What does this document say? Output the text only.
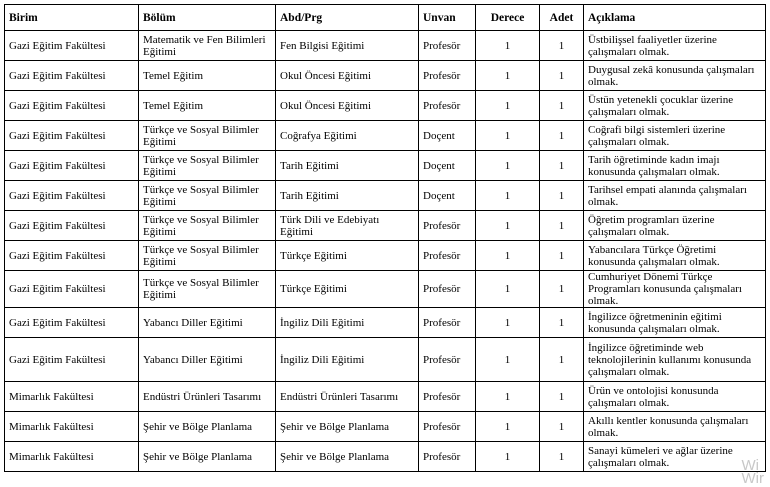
Birim	Bölüm	Abd/Prg	Unvan	Derece	Adet	Açıklama
Gazi Eğitim Fakültesi	Matematik ve Fen Bilimleri Eğitimi	Fen Bilgisi Eğitimi	Profesör	1	1	Üstbilişsel faaliyetler üzerine çalışmaları olmak.
Gazi Eğitim Fakültesi	Temel Eğitim	Okul Öncesi Eğitimi	Profesör	1	1	Duygusal zekâ konusunda çalışmaları olmak.
Gazi Eğitim Fakültesi	Temel Eğitim	Okul Öncesi Eğitimi	Profesör	1	1	Üstün yetenekli çocuklar üzerine çalışmaları olmak.
Gazi Eğitim Fakültesi	Türkçe ve Sosyal Bilimler Eğitimi	Coğrafya Eğitimi	Doçent	1	1	Coğrafi bilgi sistemleri üzerine çalışmaları olmak.
Gazi Eğitim Fakültesi	Türkçe ve Sosyal Bilimler Eğitimi	Tarih Eğitimi	Doçent	1	1	Tarih öğretiminde kadın imajı konusunda çalışmaları olmak.
Gazi Eğitim Fakültesi	Türkçe ve Sosyal Bilimler Eğitimi	Tarih Eğitimi	Doçent	1	1	Tarihsel empati alanında çalışmaları olmak.
Gazi Eğitim Fakültesi	Türkçe ve Sosyal Bilimler Eğitimi	Türk Dili ve Edebiyatı Eğitimi	Profesör	1	1	Öğretim programları üzerine çalışmaları olmak.
Gazi Eğitim Fakültesi	Türkçe ve Sosyal Bilimler Eğitimi	Türkçe Eğitimi	Profesör	1	1	Yabancılara Türkçe Öğretimi konusunda çalışmaları olmak.
Gazi Eğitim Fakültesi	Türkçe ve Sosyal Bilimler Eğitimi	Türkçe Eğitimi	Profesör	1	1	Cumhuriyet Dönemi Türkçe Programları konusunda çalışmaları olmak.
Gazi Eğitim Fakültesi	Yabancı Diller Eğitimi	İngiliz Dili Eğitimi	Profesör	1	1	İngilizce öğretmeninin eğitimi konusunda çalışmaları olmak.
Gazi Eğitim Fakültesi	Yabancı Diller Eğitimi	İngiliz Dili Eğitimi	Profesör	1	1	İngilizce öğretiminde web teknolojilerinin kullanımı konusunda çalışmaları olmak.
Mimarlık Fakültesi	Endüstri Ürünleri Tasarımı	Endüstri Ürünleri Tasarımı	Profesör	1	1	Ürün ve ontolojisi konusunda çalışmaları olmak.
Mimarlık Fakültesi	Şehir ve Bölge Planlama	Şehir ve Bölge Planlama	Profesör	1	1	Akıllı kentler konusunda çalışmaları olmak.
Mimarlık Fakültesi	Şehir ve Bölge Planlama	Şehir ve Bölge Planlama	Profesör	1	1	Sanayi kümeleri ve ağlar üzerine çalışmaları olmak.	Wi
Wir
